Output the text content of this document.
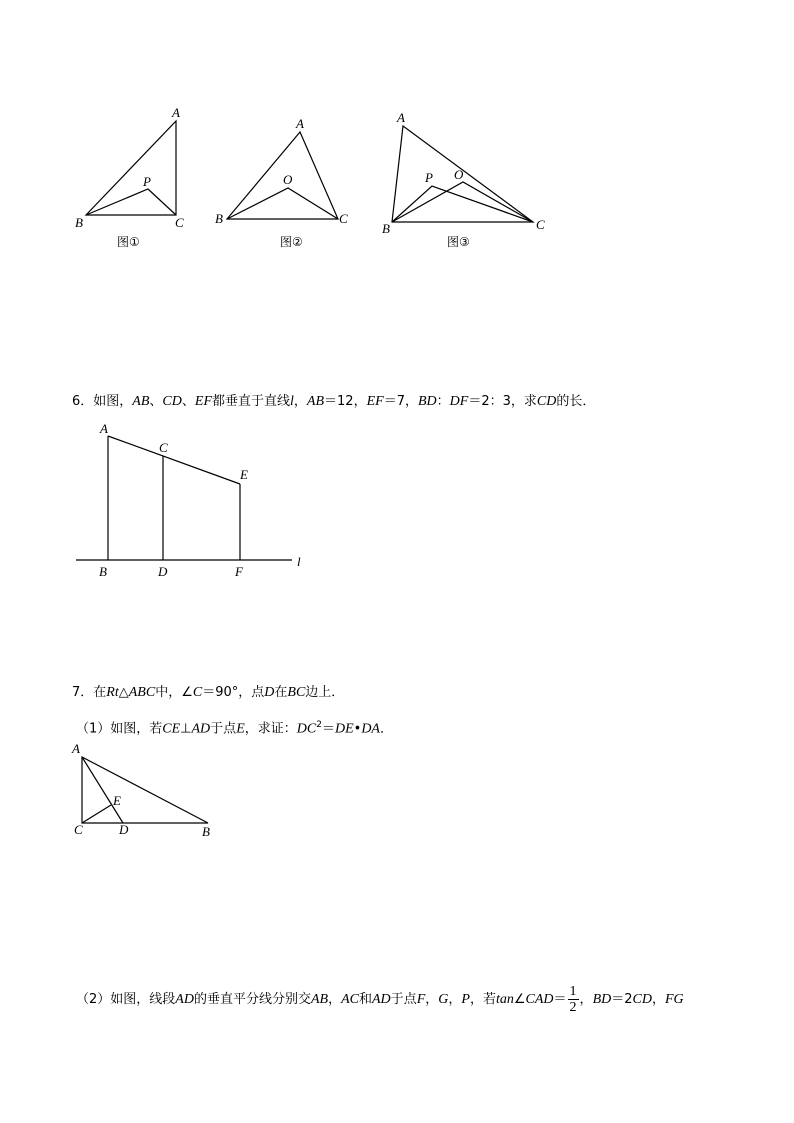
A
B	C
P
图①
A
B	C
O
图②
A
B	C
P O
图③
6．如图，AB、CD、EF都垂直于直线l，AB＝12，EF＝7，BD：DF＝2：3，求CD的长．
A
C
E
B	D	F
l
7．在Rt△ABC中，∠C＝90°，点D在BC边上．
（1）如图，若CE⊥AD于点E，求证：$DC^2=DE•DA$．
A
E
C	D	B
（2）如图，线段AD的垂直平分线分别交AB，AC和AD于点F，G，P，若tan∠CAD＝ $\frac{1}{2}$ ，BD＝2CD，FG
